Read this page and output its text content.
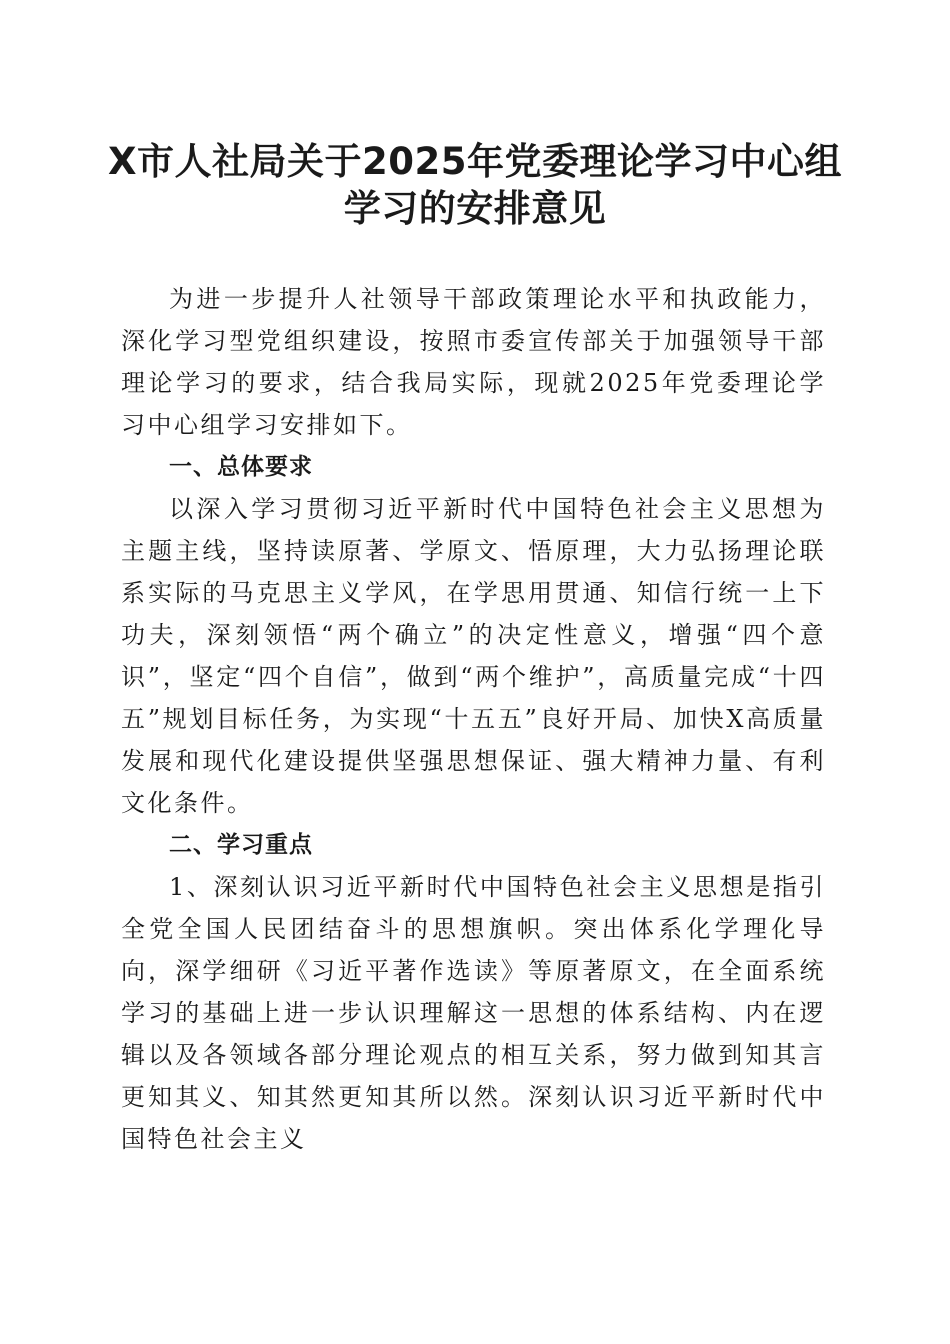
X市人社局关于2025年党委理论学习中心组
学习的安排意见

为进一步提升人社领导干部政策理论水平和执政能力，深化学习型党组织建设，按照市委宣传部关于加强领导干部理论学习的要求，结合我局实际，现就2025年党委理论学习中心组学习安排如下。

一、总体要求

以深入学习贯彻习近平新时代中国特色社会主义思想为主题主线，坚持读原著、学原文、悟原理，大力弘扬理论联系实际的马克思主义学风，在学思用贯通、知信行统一上下功夫，深刻领悟“两个确立”的决定性意义，增强“四个意识”，坚定“四个自信”，做到“两个维护”，高质量完成“十四五”规划目标任务，为实现“十五五”良好开局、加快X高质量发展和现代化建设提供坚强思想保证、强大精神力量、有利文化条件。

二、学习重点

1、深刻认识习近平新时代中国特色社会主义思想是指引全党全国人民团结奋斗的思想旗帜。突出体系化学理化导向，深学细研《习近平著作选读》等原著原文，在全面系统学习的基础上进一步认识理解这一思想的体系结构、内在逻辑以及各领域各部分理论观点的相互关系，努力做到知其言更知其义、知其然更知其所以然。深刻认识习近平新时代中国特色社会主义
